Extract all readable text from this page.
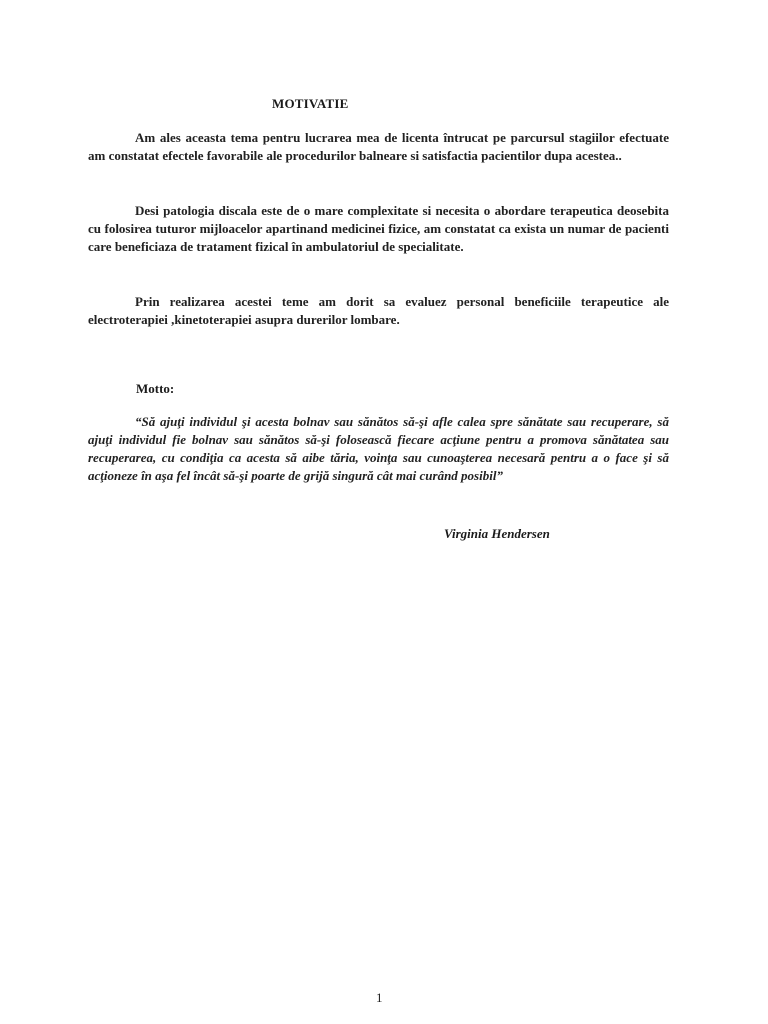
MOTIVATIE

Am ales aceasta tema pentru lucrarea mea de licenta întrucat pe parcursul stagiilor efectuate am constatat efectele favorabile ale procedurilor balneare si satisfactia pacientilor dupa acestea..

Desi patologia discala este de o mare complexitate si necesita o abordare terapeutica deosebita cu folosirea tuturor mijloacelor apartinand medicinei fizice, am constatat ca exista un numar de pacienti care beneficiaza de tratament fizical în ambulatoriul de specialitate.

Prin realizarea acestei teme am dorit sa evaluez personal beneficiile terapeutice ale electroterapiei ,kinetoterapiei asupra durerilor lombare.

Motto:

“Să ajuţi individul şi acesta bolnav sau sănătos să-şi afle calea spre sănătate sau recuperare, să ajuţi individul fie bolnav sau sănătos să-şi folosească fiecare acţiune pentru a promova sănătatea sau recuperarea, cu condiţia ca acesta să aibe tăria, voinţa sau cunoaşterea necesară pentru a o face şi să acţioneze în aşa fel încât să-şi poarte de grijă singură cât mai curând posibil”

Virginia Hendersen

1
